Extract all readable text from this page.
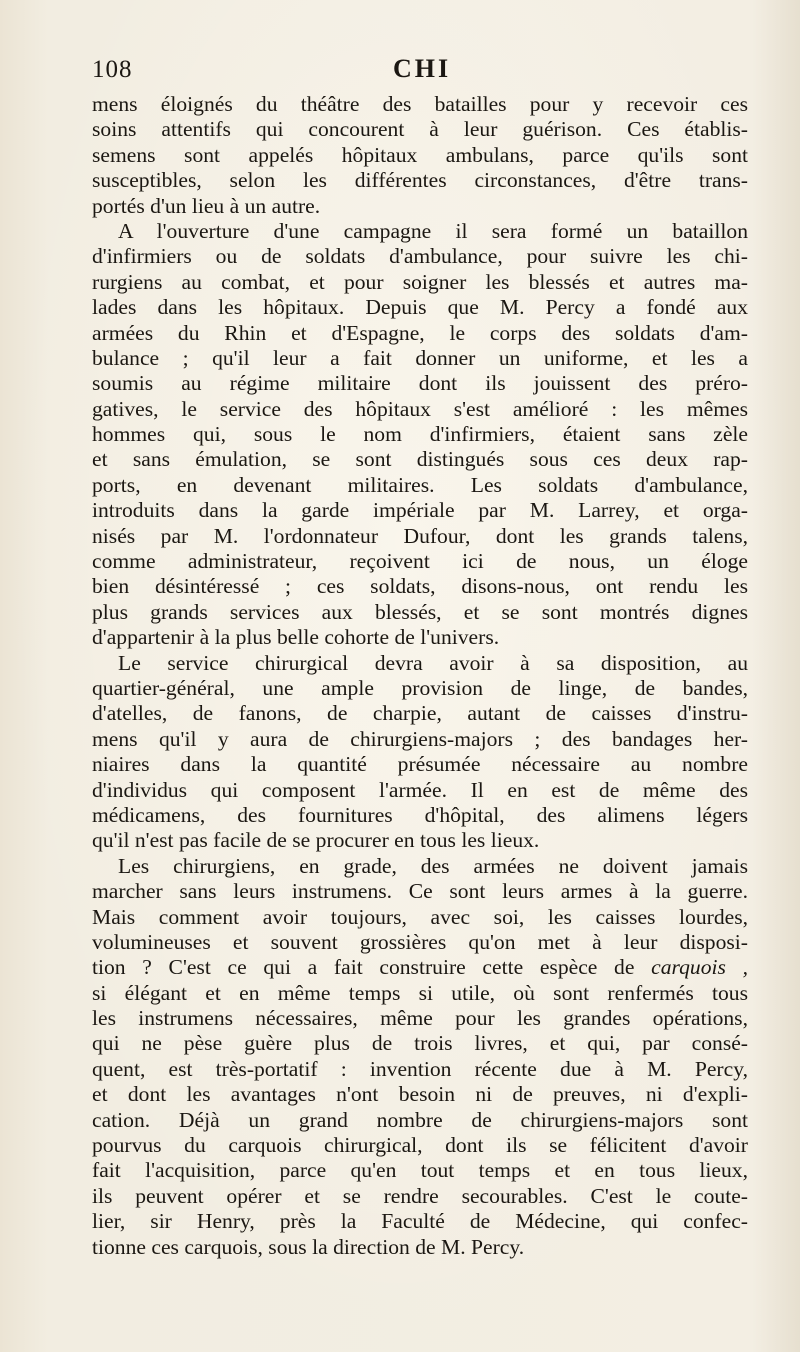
108	CHI
mens éloignés du théâtre des batailles pour y recevoir ces
soins attentifs qui concourent à leur guérison. Ces établis-
semens sont appelés hôpitaux ambulans, parce qu'ils sont
susceptibles, selon les différentes circonstances, d'être trans-
portés d'un lieu à un autre.
A l'ouverture d'une campagne il sera formé un bataillon
d'infirmiers ou de soldats d'ambulance, pour suivre les chi-
rurgiens au combat, et pour soigner les blessés et autres ma-
lades dans les hôpitaux. Depuis que M. Percy a fondé aux
armées du Rhin et d'Espagne, le corps des soldats d'am-
bulance ; qu'il leur a fait donner un uniforme, et les a
soumis au régime militaire dont ils jouissent des préro-
gatives, le service des hôpitaux s'est amélioré : les mêmes
hommes qui, sous le nom d'infirmiers, étaient sans zèle
et sans émulation, se sont distingués sous ces deux rap-
ports, en devenant militaires. Les soldats d'ambulance,
introduits dans la garde impériale par M. Larrey, et orga-
nisés par M. l'ordonnateur Dufour, dont les grands talens,
comme administrateur, reçoivent ici de nous, un éloge
bien désintéressé ; ces soldats, disons-nous, ont rendu les
plus grands services aux blessés, et se sont montrés dignes
d'appartenir à la plus belle cohorte de l'univers.
Le service chirurgical devra avoir à sa disposition, au
quartier-général, une ample provision de linge, de bandes,
d'atelles, de fanons, de charpie, autant de caisses d'instru-
mens qu'il y aura de chirurgiens-majors ; des bandages her-
niaires dans la quantité présumée nécessaire au nombre
d'individus qui composent l'armée. Il en est de même des
médicamens, des fournitures d'hôpital, des alimens légers
qu'il n'est pas facile de se procurer en tous les lieux.
Les chirurgiens, en grade, des armées ne doivent jamais
marcher sans leurs instrumens. Ce sont leurs armes à la guerre.
Mais comment avoir toujours, avec soi, les caisses lourdes,
volumineuses et souvent grossières qu'on met à leur disposi-
tion ? C'est ce qui a fait construire cette espèce de carquois ,
si élégant et en même temps si utile, où sont renfermés tous
les instrumens nécessaires, même pour les grandes opérations,
qui ne pèse guère plus de trois livres, et qui, par consé-
quent, est très-portatif : invention récente due à M. Percy,
et dont les avantages n'ont besoin ni de preuves, ni d'expli-
cation. Déjà un grand nombre de chirurgiens-majors sont
pourvus du carquois chirurgical, dont ils se félicitent d'avoir
fait l'acquisition, parce qu'en tout temps et en tous lieux,
ils peuvent opérer et se rendre secourables. C'est le coute-
lier, sir Henry, près la Faculté de Médecine, qui confec-
tionne ces carquois, sous la direction de M. Percy.
